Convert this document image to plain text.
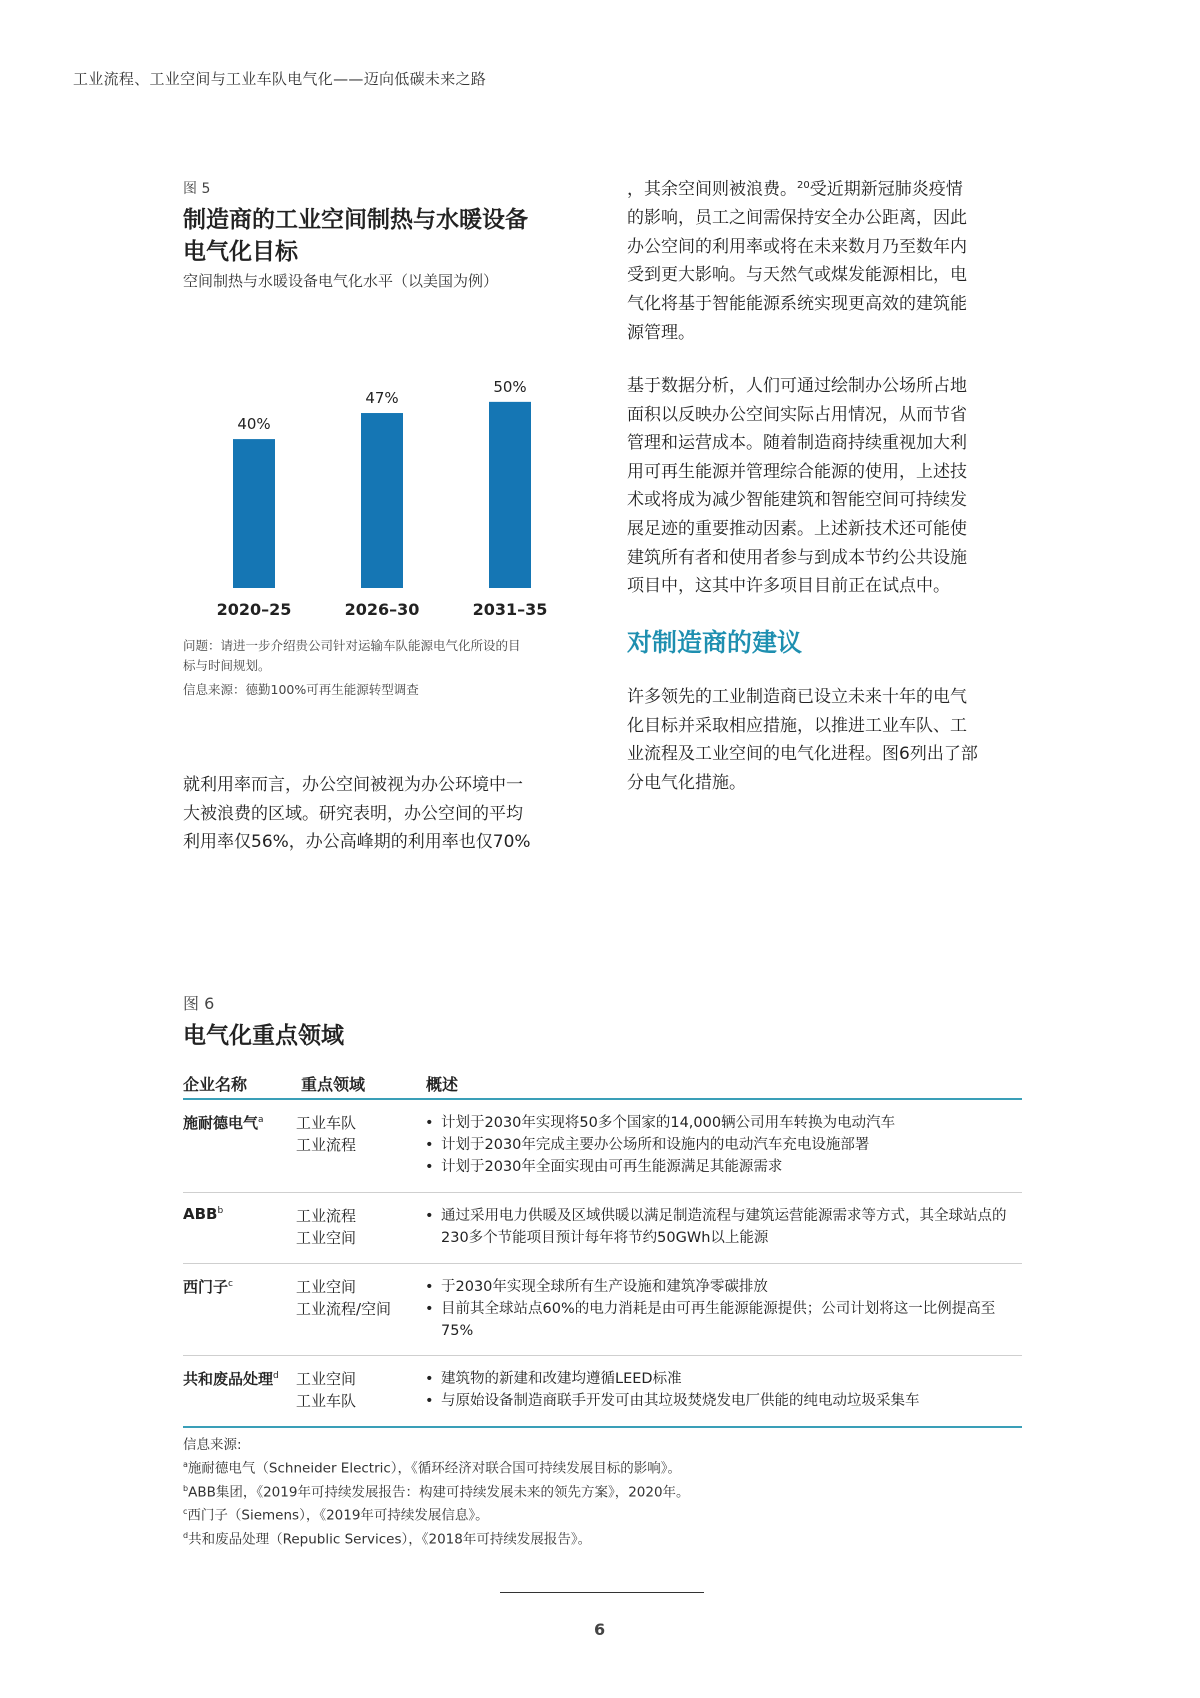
工业流程、工业空间与工业车队电气化——迈向低碳未来之路
图 5
制造商的工业空间制热与水暖设备
电气化目标
空间制热与水暖设备电气化水平（以美国为例）
40%
2020–25
47%
2026–30
50%
2031–35
问题：请进一步介绍贵公司针对运输车队能源电气化所设的目
标与时间规划。
信息来源：德勤100%可再生能源转型调查
就利用率而言，办公空间被视为办公环境中一
大被浪费的区域。研究表明，办公空间的平均
利用率仅56%，办公高峰期的利用率也仅70%
，其余空间则被浪费。$^{20}$受近期新冠肺炎疫情
的影响，员工之间需保持安全办公距离，因此
办公空间的利用率或将在未来数月乃至数年内
受到更大影响。与天然气或煤发能源相比，电
气化将基于智能能源系统实现更高效的建筑能
源管理。
基于数据分析，人们可通过绘制办公场所占地
面积以反映办公空间实际占用情况，从而节省
管理和运营成本。随着制造商持续重视加大利
用可再生能源并管理综合能源的使用，上述技
术或将成为减少智能建筑和智能空间可持续发
展足迹的重要推动因素。上述新技术还可能使
建筑所有者和使用者参与到成本节约公共设施
项目中，这其中许多项目目前正在试点中。
对制造商的建议
许多领先的工业制造商已设立未来十年的电气
化目标并采取相应措施，以推进工业车队、工
业流程及工业空间的电气化进程。图6列出了部
分电气化措施。
图 6
电气化重点领域
企业名称	重点领域	概述
施耐德电气$^a$ 工业车队
工业流程
• 计划于2030年实现将50多个国家的14,000辆公司用车转换为电动汽车
• 计划于2030年完成主要办公场所和设施内的电动汽车充电设施部署
• 计划于2030年全面实现由可再生能源满足其能源需求
ABB$^b$	工业流程
工业空间
• 通过采用电力供暖及区域供暖以满足制造流程与建筑运营能源需求等方式，其全球站点的230多个节能项目预计每年将节约50GWh以上能源
西门子$^c$	工业空间
工业流程/空间
• 于2030年实现全球所有生产设施和建筑净零碳排放
• 目前其全球站点60%的电力消耗是由可再生能源能源提供；公司计划将这一比例提高至75%
共和废品处理$^d$ 工业空间
工业车队
• 建筑物的新建和改建均遵循LEED标准
• 与原始设备制造商联手开发可由其垃圾焚烧发电厂供能的纯电动垃圾采集车
信息来源:
$^a$施耐德电气（Schneider Electric），《循环经济对联合国可持续发展目标的影响》。
$^b$ABB集团，《2019年可持续发展报告：构建可持续发展未来的领先方案》，2020年。
$^c$西门子（Siemens），《2019年可持续发展信息》。
$^d$共和废品处理（Republic Services），《2018年可持续发展报告》。
6
